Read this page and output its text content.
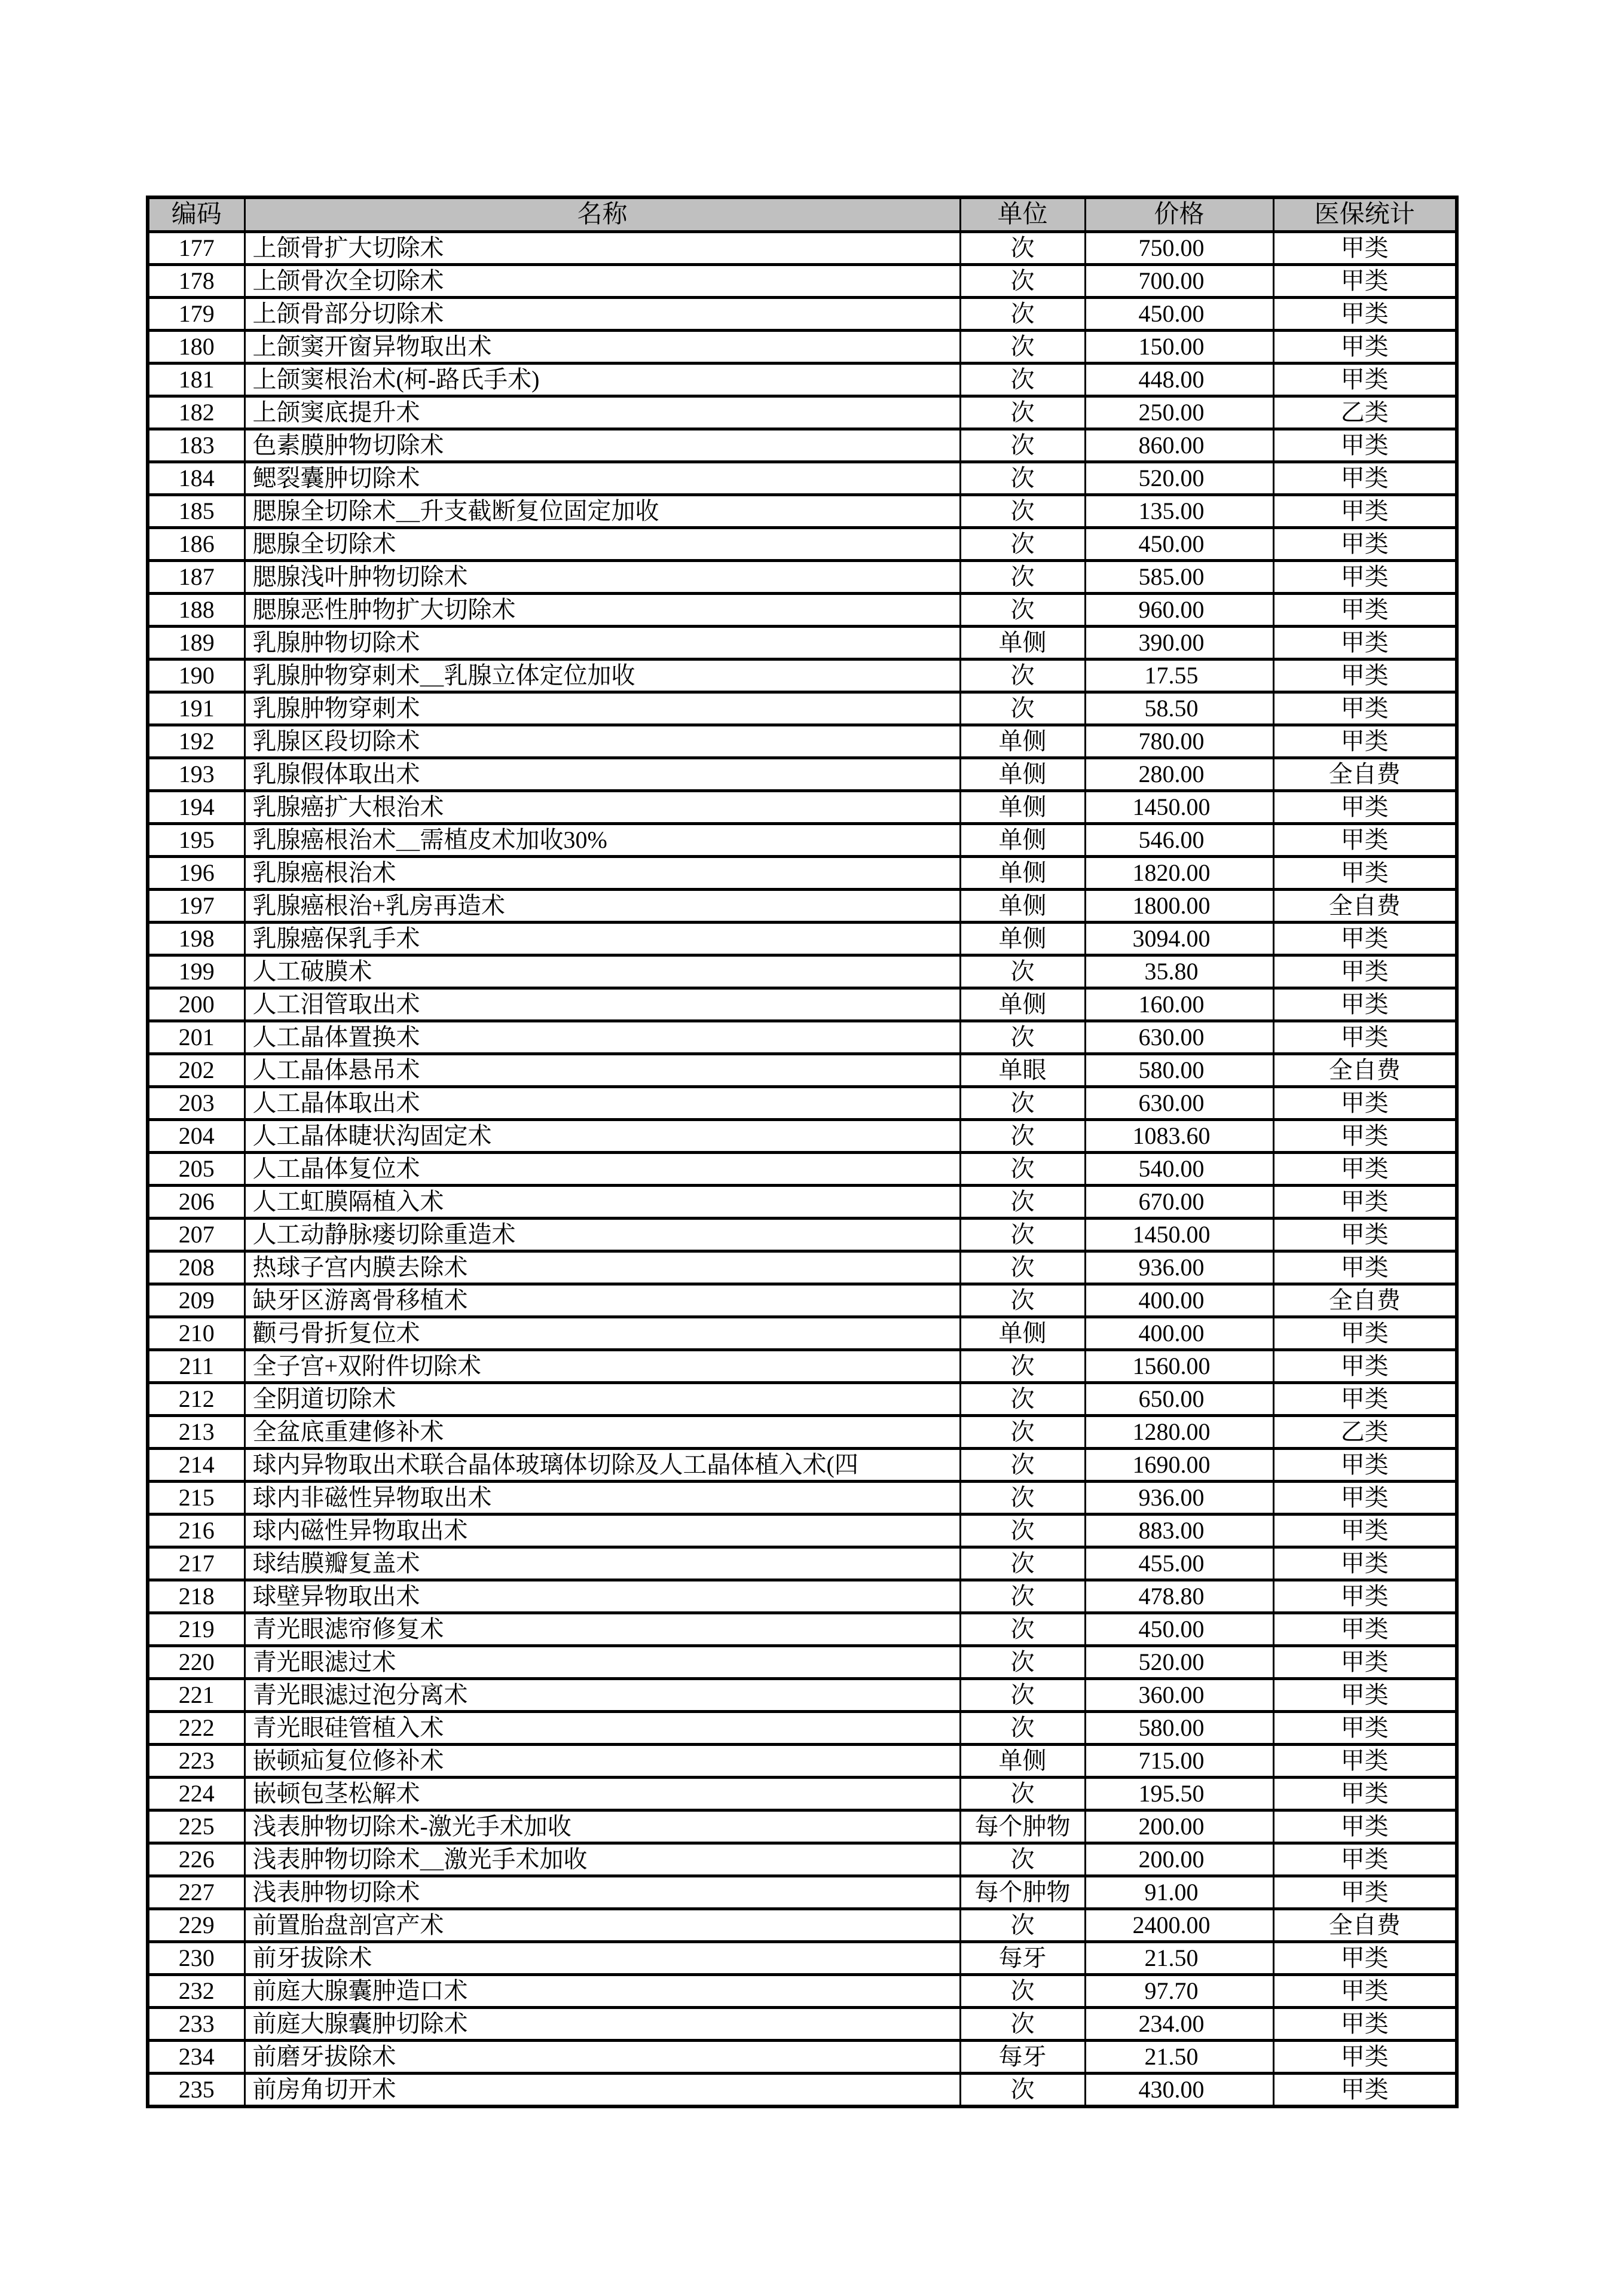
编码	名称	单位	价格	医保统计
177	上颌骨扩大切除术	次	750.00	甲类
178	上颌骨次全切除术	次	700.00	甲类
179	上颌骨部分切除术	次	450.00	甲类
180	上颌窦开窗异物取出术	次	150.00	甲类
181	上颌窦根治术(柯-路氏手术)	次	448.00	甲类
182	上颌窦底提升术	次	250.00	乙类
183	色素膜肿物切除术	次	860.00	甲类
184	鳃裂囊肿切除术	次	520.00	甲类
185	腮腺全切除术＿升支截断复位固定加收	次	135.00	甲类
186	腮腺全切除术	次	450.00	甲类
187	腮腺浅叶肿物切除术	次	585.00	甲类
188	腮腺恶性肿物扩大切除术	次	960.00	甲类
189	乳腺肿物切除术	单侧	390.00	甲类
190	乳腺肿物穿刺术＿乳腺立体定位加收	次	17.55	甲类
191	乳腺肿物穿刺术	次	58.50	甲类
192	乳腺区段切除术	单侧	780.00	甲类
193	乳腺假体取出术	单侧	280.00	全自费
194	乳腺癌扩大根治术	单侧	1450.00	甲类
195	乳腺癌根治术＿需植皮术加收30%	单侧	546.00	甲类
196	乳腺癌根治术	单侧	1820.00	甲类
197	乳腺癌根治+乳房再造术	单侧	1800.00	全自费
198	乳腺癌保乳手术	单侧	3094.00	甲类
199	人工破膜术	次	35.80	甲类
200	人工泪管取出术	单侧	160.00	甲类
201	人工晶体置换术	次	630.00	甲类
202	人工晶体悬吊术	单眼	580.00	全自费
203	人工晶体取出术	次	630.00	甲类
204	人工晶体睫状沟固定术	次	1083.60	甲类
205	人工晶体复位术	次	540.00	甲类
206	人工虹膜隔植入术	次	670.00	甲类
207	人工动静脉瘘切除重造术	次	1450.00	甲类
208	热球子宫内膜去除术	次	936.00	甲类
209	缺牙区游离骨移植术	次	400.00	全自费
210	颧弓骨折复位术	单侧	400.00	甲类
211	全子宫+双附件切除术	次	1560.00	甲类
212	全阴道切除术	次	650.00	甲类
213	全盆底重建修补术	次	1280.00	乙类
214	球内异物取出术联合晶体玻璃体切除及人工晶体植入术(四	次	1690.00	甲类
215	球内非磁性异物取出术	次	936.00	甲类
216	球内磁性异物取出术	次	883.00	甲类
217	球结膜瓣复盖术	次	455.00	甲类
218	球壁异物取出术	次	478.80	甲类
219	青光眼滤帘修复术	次	450.00	甲类
220	青光眼滤过术	次	520.00	甲类
221	青光眼滤过泡分离术	次	360.00	甲类
222	青光眼硅管植入术	次	580.00	甲类
223	嵌顿疝复位修补术	单侧	715.00	甲类
224	嵌顿包茎松解术	次	195.50	甲类
225	浅表肿物切除术-激光手术加收	每个肿物	200.00	甲类
226	浅表肿物切除术＿激光手术加收	次	200.00	甲类
227	浅表肿物切除术	每个肿物	91.00	甲类
229	前置胎盘剖宫产术	次	2400.00	全自费
230	前牙拔除术	每牙	21.50	甲类
232	前庭大腺囊肿造口术	次	97.70	甲类
233	前庭大腺囊肿切除术	次	234.00	甲类
234	前磨牙拔除术	每牙	21.50	甲类
235	前房角切开术	次	430.00	甲类
